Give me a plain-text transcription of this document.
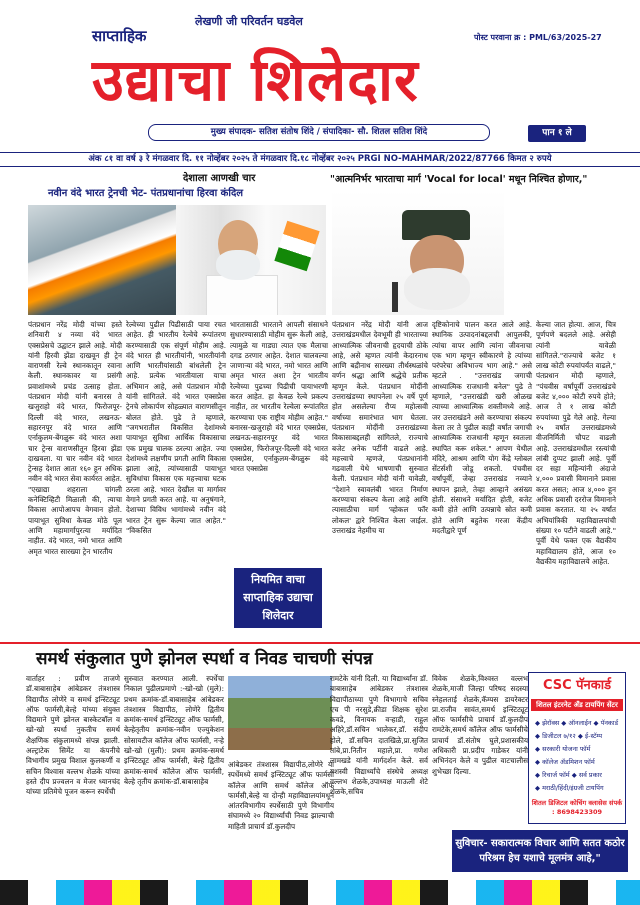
लेखणी जी परिवर्तन घडवेल
साप्ताहिक	पोस्ट परवाना क्र : PML/63/2025-27
उद्याचा शिलेदार
मुख्य संपादक- सतिश संतोष शिंदे / संपादिका- सौ. शितल सतिश शिंदे	पान १ ले
अंक ८१ वा वर्ष ३ रे मंगळवार दि. ११ नोव्हेंबर २०२५ ते मंगळवार दि.१८ नोव्हेंबर २०२५ PRGI NO-MAHMAR/2022/87766 किमत २ रुपये
देशाला आणखी चार
नवीन वंदे भारत ट्रेनची भेट- पंतप्रधानांचा हिरवा कंदिल
"आत्मनिर्भर भारताचा मार्ग 'Vocal for local' मधून निश्चित होणार,"
पंतप्रधान नरेंद्र मोदी यांच्या हस्ते शनिवारी ४ नव्या वंदे भारत एक्सप्रेसचे उद्घाटन झाले आहे. मोदी यांनी हिरवी झेंडा दाखवून ही ट्रेन वाराणसी रेल्वे स्थानकातून रवाना केली. स्थानकावर या प्रसंगी प्रवाशांमध्ये प्रचंड उत्साह होता. पंतप्रधान मोदी यांनी बनारस ते खजुराहो वंदे भारत, फिरोजपूर-दिल्ली वंदे भारत, लखनऊ-सहारनपूर वंदे भारत आणि एर्नाकुलम-बेंगळुरू वंदे भारत अशा चार ट्रेन्स वाराणसीतून हिरवा झेंडा दाखवला. या चार नवीन वंदे भारत ट्रेन्सह देशात आता १६० हून अधिक नवीन वंदे भारत सेवा कार्यरत आहेत. "एखाद्या शहराला चांगली कनेक्टिव्हिटी मिळाली की, त्याचा विकास आपोआपच वेगवान होतो. पायाभूत सुविधा केवळ मोठे पूल आणि महामार्गापुरत्या मर्यादित नाहीत. वंदे भारत, नमो भारत आणि अमृत भारत सारख्या ट्रेन भारतीय
रेल्वेच्या पुढील पिढीसाठी पाया रचत आहेत. ही भारतीय रेल्वेचे रूपांतरण करण्यासाठी एक संपूर्ण मोहीम आहे. वंदे भारत ही भारतीयांनी, भारतीयांनी आणि भारतीयांसाठी बांधलेली ट्रेन आहे. प्रत्येक भारतीयाला याचा अभिमान आहे, असे पंतप्रधान मोदी यांनी सांगितले. वंदे भारत एक्सप्रेस ट्रेनचे लोकार्पण सोहळ्यात वाराणसीतून बोलत होते. पुढे ते म्हणाले, "जगभरातील विकसित देशांमध्ये पायाभूत सुविधा आर्थिक विकासाचा एक प्रमुख चालक ठरल्या आहेत. ज्या देशांमध्ये लक्षणीय प्रगती आणि विकास झाला आहे, त्यांच्यासाठी पायाभूत सुविधांचा विकास एक महत्त्वाचा घटक ठरला आहे. भारत देखील या मार्गावर वेगाने प्रगती करत आहे. या अनुषंगाने, देशाच्या विविध भागांमध्ये नवीन वंदे भारत ट्रेन सुरू केल्या जात आहेत." "विकसित
भारतासाठी भारताने आपली संसाधने सुधारण्यासाठी मोहीम सुरू केली आहे, त्यामुळे या गाड्या त्यात एक मैलाचा दगड ठरणार आहेत. देशात चालवल्या जाणाऱ्या वंदे भारत, नमो भारत आणि अमृत भारत अशा ट्रेन भारतीय रेल्वेच्या पुढच्या पिढीची पायाभरणी करत आहेत. हा केवळ रेल्वे प्रकल्प नाहीत, तर भारतीय रेल्वेला रूपांतरित करण्याचा एक राष्ट्रीय मोहीम आहेत." बनारस-खजुराहो वंदे भारत एक्सप्रेस, लखनऊ-सहारनपूर वंदे भारत एक्सप्रेस, फिरोजपूर-दिल्ली वंदे भारत एक्सप्रेस, एर्नाकुलम-बेंगळुरू वंदे भारत एक्सप्रेस
नियमित वाचा साप्ताहिक उद्याचा शिलेदार
पंतप्रधान नरेंद्र मोदी यांनी आज उत्तराखंडमधील देवभूमी ही भारताच्या आध्यात्मिक जीवनाची हृदयाची ठोके आहे, असे म्हणत त्यांनी केदारनाथ आणि बद्रीनाथ सारख्या तीर्थस्थळांचे वर्णन श्रद्धा आणि श्रद्धेचे प्रतीक म्हणून केले. पंतप्रधान मोदींनी उत्तराखंडच्या स्थापनेला २५ वर्षे पूर्ण होत असलेल्या रौप्य महोत्सवी वर्षाच्या समारंभात भाग घेतला. पंतप्रधान मोदींनी उत्तराखंडच्या विकासाबद्दलही सांगितले, राज्याचे बजेट अनेक पटींनी वाढले आहे. महत्त्वाचे म्हणजे, पंतप्रधानांनी गढवाली येथे भाषणाची सुरुवात केली. पंतप्रधान मोदी यांनी यावेळी, "देशाने स्वावलंबी भारत निर्माण करण्याचा संकल्प केला आहे आणि त्यासाठीचा मार्ग 'व्होकल फॉर लोकल' द्वारे निश्चित केला जाईल. उत्तराखंड नेहमीच या
दृष्टिकोनाचे पालन करत आले आहे. स्थानिक उत्पादनांबद्दलची आपुलकी, त्यांचा वापर आणि त्यांना जीवनाचा एक भाग म्हणून स्वीकारणे हे त्यांच्या परंपरेचा अविभाज्य भाग आहे." असे म्हटले . "उत्तराखंड जगाची आध्यात्मिक राजधानी बनेल" पुढे ते म्हणाले, "उत्तराखंडी खरी ओळख त्याच्या आध्यात्मिक शक्तीमध्ये आहे. जर उत्तराखंडने असे करण्याचा संकल्प केला तर ते पुढील काही वर्षांत जगाची आध्यात्मिक राजधानी म्हणून स्वतःला स्थापित करू शकेल." आपण येथील मंदिरे, आश्रम आणि योग केंद्रे ग्लोबल सेंटर्सशी जोडू शकतो. पंचवीस वर्षांपूर्वी, जेव्हा उत्तराखंड नव्याने स्थापन झाले, तेव्हा आव्हाने असंख्य होती. संसाधने मर्यादित होती, बजेट कमी होते आणि उत्पन्नाचे स्रोत कमी होते आणि बहुतेक गरजा केंद्रीय मदतीद्वारे पूर्ण
केल्या जात होत्या. आज, चित्र पूर्णपणे बदलले आहे. असेही त्यांनी यावेळी सांगितले."राज्याचे बजेट १ लाख कोटी रुपयांपर्यंत वाढले," पंतप्रधान मोदी म्हणाले, "पंचवीस वर्षांपूर्वी उत्तराखंडचे बजेट ४,००० कोटी रुपये होते; आज ते १ लाख कोटी रुपयांच्या पुढे गेले आहे. गेल्या २५ वर्षांत उत्तराखंडमध्ये वीजनिर्मिती चौपट वाढली आहे. उत्तराखंडमधील रस्त्यांची लांबी दुप्पट झाली आहे. पूर्वी दर सहा महिन्यांनी अंदाजे ४,००० प्रवासी विमानाने प्रवास करत असत; आज ४,००० हून अधिक प्रवासी दररोज विमानाने प्रवास करतात. या २५ वर्षांत अभियांत्रिकी महाविद्यालयांची संख्या १० पटीने वाढली आहे." पूर्वी येथे फक्त एक वैद्यकीय महाविद्यालय होते, आज १० वैद्यकीय महाविद्यालये आहेत.
समर्थ संकुलात पुणे झोनल स्पर्धा व निवड चाचणी संपन्न
वार्ताहर : प्रवीण ताजणे डॉ.बाबासाहेब आंबेडकर तंत्रशास्त्र विद्यापीठ लोणेरे व समर्थ इन्स्टिट्यूट ऑफ फार्मसी,बेल्हे यांच्या संयुक्त विद्यमाने पुणे झोनल बास्केटबॉल व खो-खो स्पर्धा नुकतीच समर्थ शैक्षणिक संकुलामध्ये संपन्न झाली. अल्ट्राटेक सिमेंट या कंपनीचे विभागीय प्रमुख विशाल कुलकर्णी व सचिन विश्वास वल्लभ शेळके यांच्या हस्ते दीप प्रज्वलन व मेजर ध्यानचंद यांच्या प्रतिमेचे पूजन करून स्पर्धेची
सुरुवात करण्यात आली. स्पर्धेचा निकाल पुढीलप्रमाणे :-खो-खो (मुले): प्रथम क्रमांक-डॉ.बाबासाहेब आंबेडकर तंत्रशास्त्र विद्यापीठ, लोणेरे द्वितीय क्रमांक-समर्थ इन्स्टिट्यूट ऑफ फार्मसी, बेल्हेतृतीय क्रमांक-नवीन एज्युकेशन सोसायटीज कॉलेज ऑफ फार्मसी, नऱ्हे खो-खो (मुली): प्रथम क्रमांक-समर्थ इन्स्टिट्यूट ऑफ फार्मसी, बेल्हे द्वितीय क्रमांक-समर्थ कॉलेज ऑफ फार्मसी, बेल्हे तृतीय क्रमांक-डॉ.बाबासाहेब
आंबेडकर तंत्रशास्त्र विद्यापीठ,लोणेरे या स्पर्धेमध्ये समर्थ इन्स्टिट्यूट ऑफ फार्मसी कॉलेज आणि समर्थ कॉलेज ऑफ फार्मसी,बेल्हे या दोन्ही महाविद्यालयांमधून आंतरविभागीय स्पर्धेसाठी पुणे विभागीय संघामध्ये २० विद्यार्थ्यांची निवड झाल्याची माहिती प्राचार्य डॉ.कुलदीप
रामटेके यांनी दिली. या विद्यार्थ्यांना डॉ. बाबासाहेब आंबेडकर तंत्रशास्त्र विद्यापीठाच्या पुणे विभागाचे सचिव एच पी नरसुडे,क्रीडा शिक्षक सुरेश कवडे, विनायक वऱ्हाडी, राहुल अहिरे,डॉ.सचिन भालेकर,डॉ. संदीप होले, डॉ.सचिन दातखिळे,प्रा.सुजित तांबे,प्रा.नितीन महाले,प्रा. गणेश लामखडे यांनी मार्गदर्शन केले. सर्व यशस्वी विद्यार्थ्यांचे संस्थेचे अध्यक्ष वल्लभ शेळके,उपाध्यक्ष माऊली शेटे शेळके,सचिव
विवेक शेळके,विश्वस्त वल्लभ शेळके,माजी जिल्हा परिषद सदस्या स्नेहलताई शेळके,कॅम्पस डायरेक्टर प्रा.राजीव सावंत,समर्थ इन्स्टिट्यूट ऑफ फार्मसीचे प्राचार्य डॉ.कुलदीप रामटेके,समर्थ कॉलेज ऑफ फार्मसीचे प्राचार्य डॉ.संतोष घुले,प्रशासकीय अधिकारी प्रा.प्रदीप गाडेकर यांनी अभिनंदन केले व पुढील वाटचालीस शुभेच्छा दिल्या.
CSC पॅनकार्ड
शितल इंटरनेट अँड टायपिंग सेंटर
◆ झेरॉक्स ◆ ऑनलाईन ◆ पॅनकार्ड
◆ डिजीटल ७/१२ ◆ ई-स्टॅम्प
◆ सरकारी योजना फॉर्म
◆ कॉलेज ॲडमिशन फॉर्म
◆ रिचार्ज फॉर्म ◆ सर्व प्रकार
◆ मराठी/हिंदी/इंग्रजी टायपिंग
शितल डिजिटल कोचिंग क्लासेस संपर्क : 8698423309
सुविचार- सकारात्मक विचार आणि सतत कठोर परिश्रम हेच यशाचे मूलमंत्र आहे,"
